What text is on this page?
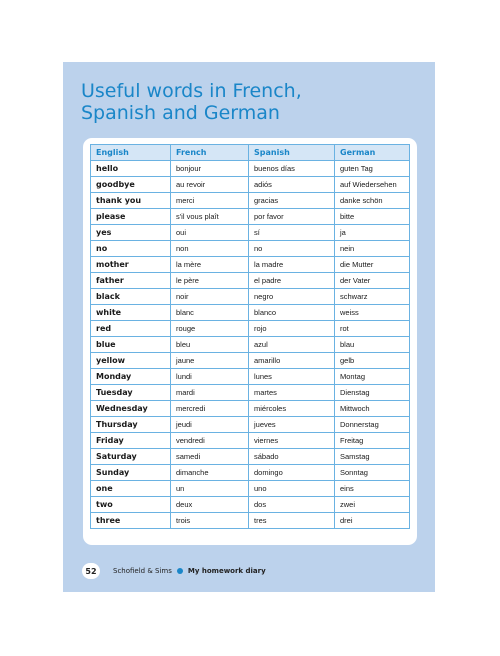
Useful words in French,
Spanish and German
English	French	Spanish	German
hello	bonjour	buenos días	guten Tag
goodbye	au revoir	adiós	auf Wiedersehen
thank you	merci	gracias	danke schön
please	s'il vous plaît	por favor	bitte
yes	oui	sí	ja
no	non	no	nein
mother	la mère	la madre	die Mutter
father	le père	el padre	der Vater
black	noir	negro	schwarz
white	blanc	blanco	weiss
red	rouge	rojo	rot
blue	bleu	azul	blau
yellow	jaune	amarillo	gelb
Monday	lundi	lunes	Montag
Tuesday	mardi	martes	Dienstag
Wednesday	mercredi	miércoles	Mittwoch
Thursday	jeudi	jueves	Donnerstag
Friday	vendredi	viernes	Freitag
Saturday	samedi	sábado	Samstag
Sunday	dimanche	domingo	Sonntag
one	un	uno	eins
two	deux	dos	zwei
three	trois	tres	drei
52 Schofield & Sims My homework diary
